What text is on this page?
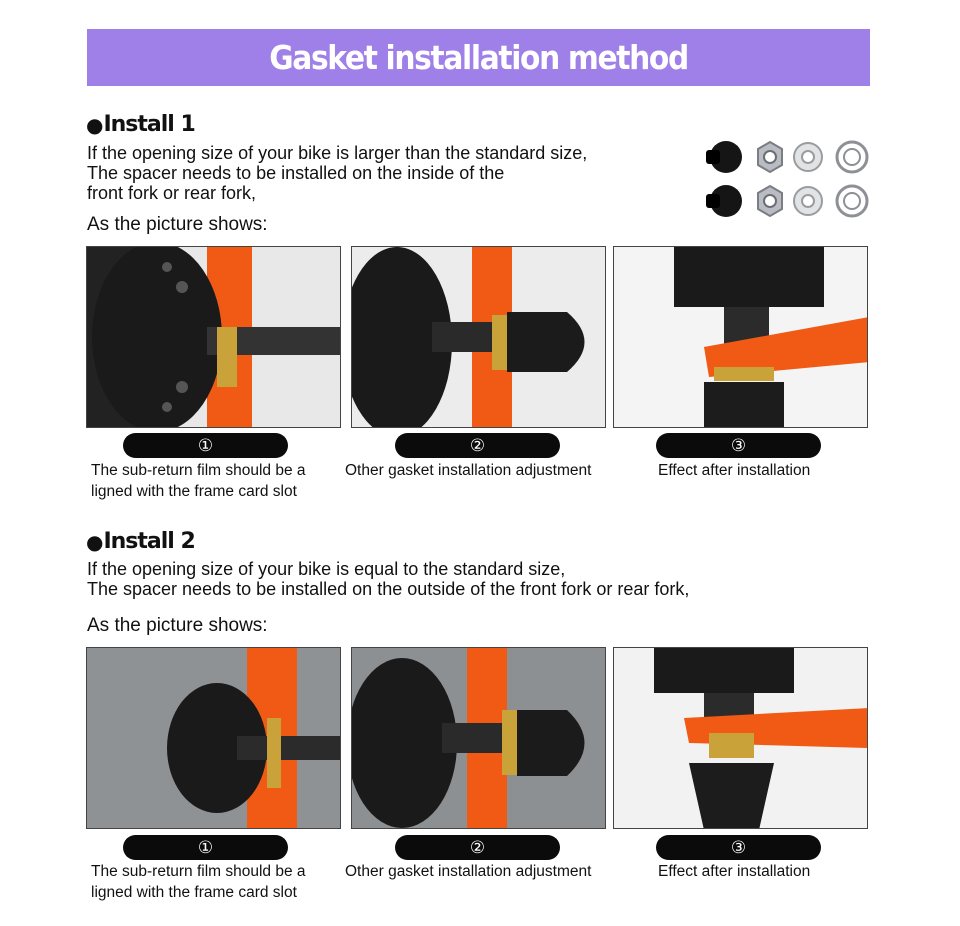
Gasket installation method
● Install 1

If the opening size of your bike is larger than the standard size,
The spacer needs to be installed on the inside of the
front fork or rear fork,

As the picture shows:

①	②	③

The sub-return film should be a
ligned with the frame card slot

Other gasket installation adjustment	Effect after installation

● Install 2

If the opening size of your bike is equal to the standard size,
The spacer needs to be installed on the outside of the front fork or rear fork,

As the picture shows:

①	②	③

The sub-return film should be a
ligned with the frame card slot

Other gasket installation adjustment	Effect after installation
